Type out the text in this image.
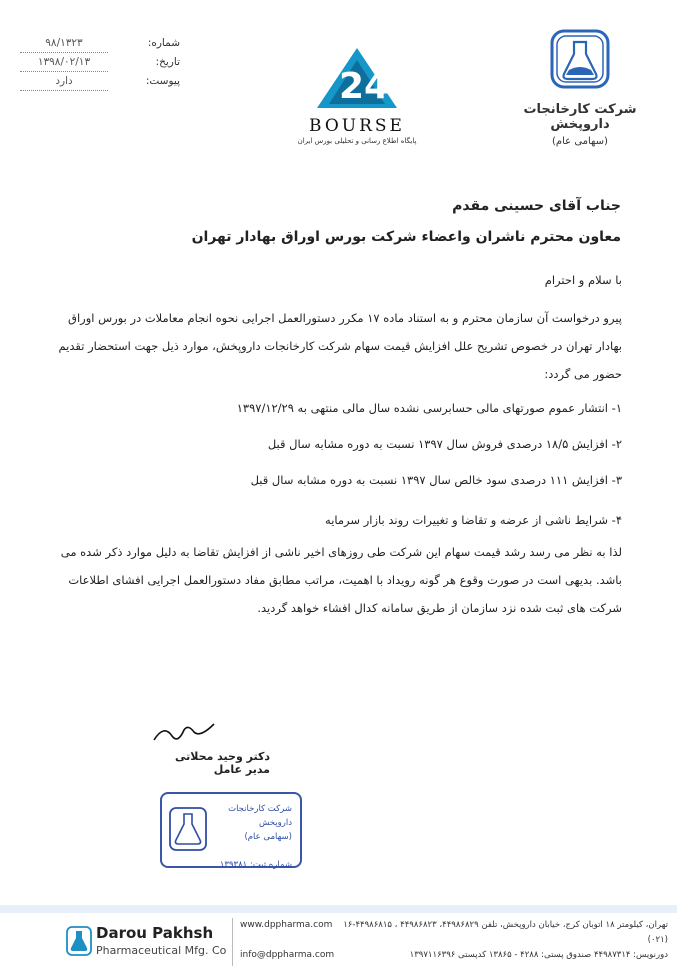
شماره:
۹۸/۱۳۲۳
تاریخ:
۱۳۹۸/۰۲/۱۳
پیوست:
دارد	24
BOURSE
پایگاه اطلاع رسانی و تحلیلی بورس ایران
شرکت کارخانجات داروپخش
(سهامی عام)
جناب آقای حسینی مقدم
معاون محترم ناشران واعضاء شرکت بورس اوراق بهادار تهران
با سلام و احترام
پیرو درخواست آن سازمان محترم و به استناد ماده ۱۷ مکرر دستورالعمل اجرایی نحوه انجام معاملات در بورس اوراق بهادار تهران در خصوص تشریح علل افزایش قیمت سهام شرکت کارخانجات داروپخش، موارد ذیل جهت استحضار تقدیم حضور می گردد:
۱- انتشار عموم صورتهای مالی حسابرسی نشده سال مالی منتهی به ۱۳۹۷/۱۲/۲۹
۲- افزایش ۱۸/۵ درصدی فروش سال ۱۳۹۷ نسبت به دوره مشابه سال قبل
۳- افزایش ۱۱۱ درصدی سود خالص سال ۱۳۹۷ نسبت به دوره مشابه سال قبل
۴- شرایط ناشی از عرضه و تقاضا و تغییرات روند بازار سرمایه
لذا به نظر می رسد رشد قیمت سهام این شرکت طی روزهای اخیر ناشی از افزایش تقاضا به دلیل موارد ذکر شده می باشد. بدیهی است در صورت وقوع هر گونه رویداد با اهمیت، مراتب مطابق مفاد دستورالعمل اجرایی افشای اطلاعات شرکت های ثبت شده نزد سازمان از طریق سامانه کدال افشاء خواهد گردید.
دکتر وحید محلاتی
مدیر عامل
شرکت کارخانجات داروپخش
(سهامی عام)
شماره ثبت: ۱۳۹۳۸۱
Darou Pakhsh
Pharmaceutical Mfg. Co
www.dppharma.com	تهران، کیلومتر ۱۸ اتوبان کرج، خیابان داروپخش، تلفن ۴۴۹۸۶۸۲۹، ۴۴۹۸۶۸۲۳ ، ۴۴۹۸۶۸۱۵-۱۶ (۰۲۱)
info@dppharma.com	دورنویس: ۴۴۹۸۷۳۱۴ صندوق پستی: ۴۲۸۸ - ۱۳۸۶۵ کدپستی ۱۳۹۷۱۱۶۳۹۶
